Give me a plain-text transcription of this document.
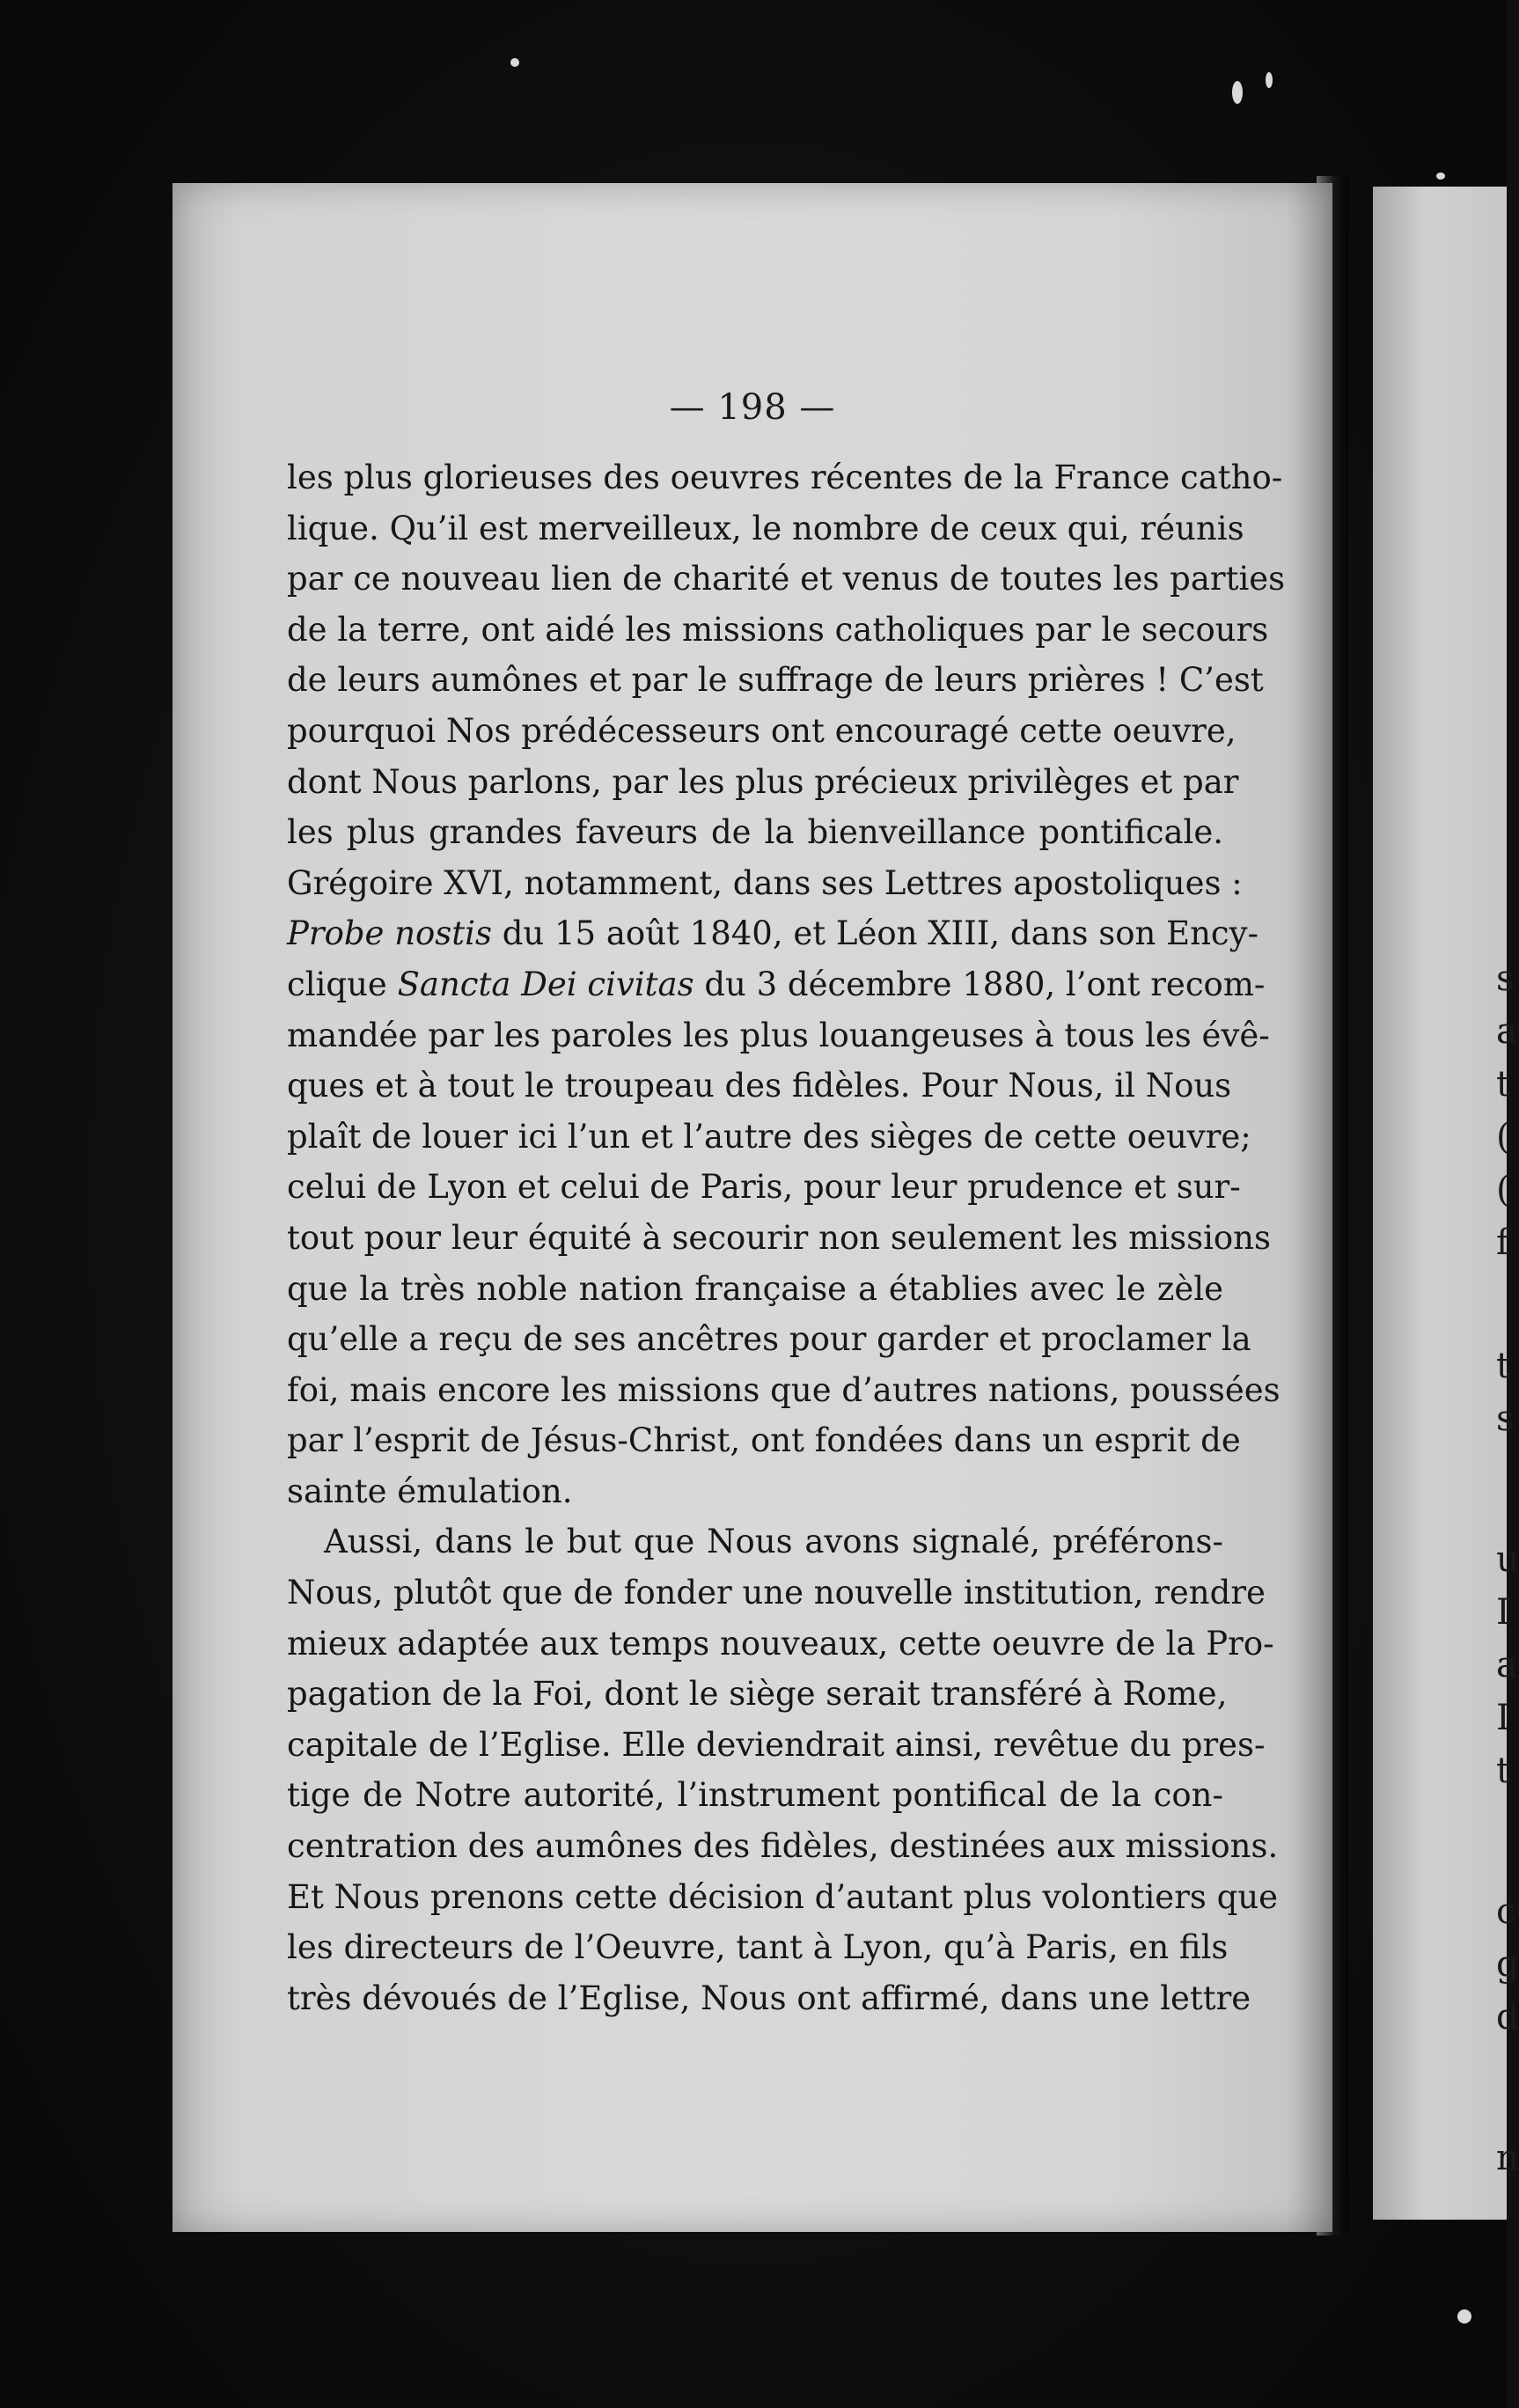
s
a
t
(
(
f
t
s
u
I
a
I
t
c
g
d
n
— 198 —
les plus glorieuses des oeuvres récentes de la France catho-
lique. Qu’il est merveilleux, le nombre de ceux qui, réunis
par ce nouveau lien de charité et venus de toutes les parties
de la terre, ont aidé les missions catholiques par le secours
de leurs aumônes et par le suffrage de leurs prières ! C’est
pourquoi Nos prédécesseurs ont encouragé cette oeuvre,
dont Nous parlons, par les plus précieux privilèges et par
les plus grandes faveurs de la bienveillance pontificale.
Grégoire XVI, notamment, dans ses Lettres apostoliques :
Probe nostis du 15 août 1840, et Léon XIII, dans son Ency-
clique Sancta Dei civitas du 3 décembre 1880, l’ont recom-
mandée par les paroles les plus louangeuses à tous les évê-
ques et à tout le troupeau des fidèles. Pour Nous, il Nous
plaît de louer ici l’un et l’autre des sièges de cette oeuvre;
celui de Lyon et celui de Paris, pour leur prudence et sur-
tout pour leur équité à secourir non seulement les missions
que la très noble nation française a établies avec le zèle
qu’elle a reçu de ses ancêtres pour garder et proclamer la
foi, mais encore les missions que d’autres nations, poussées
par l’esprit de Jésus-Christ, ont fondées dans un esprit de
sainte émulation.
Aussi, dans le but que Nous avons signalé, préférons-
Nous, plutôt que de fonder une nouvelle institution, rendre
mieux adaptée aux temps nouveaux, cette oeuvre de la Pro-
pagation de la Foi, dont le siège serait transféré à Rome,
capitale de l’Eglise. Elle deviendrait ainsi, revêtue du pres-
tige de Notre autorité, l’instrument pontifical de la con-
centration des aumônes des fidèles, destinées aux missions.
Et Nous prenons cette décision d’autant plus volontiers que
les directeurs de l’Oeuvre, tant à Lyon, qu’à Paris, en fils
très dévoués de l’Eglise, Nous ont affirmé, dans une lettre
